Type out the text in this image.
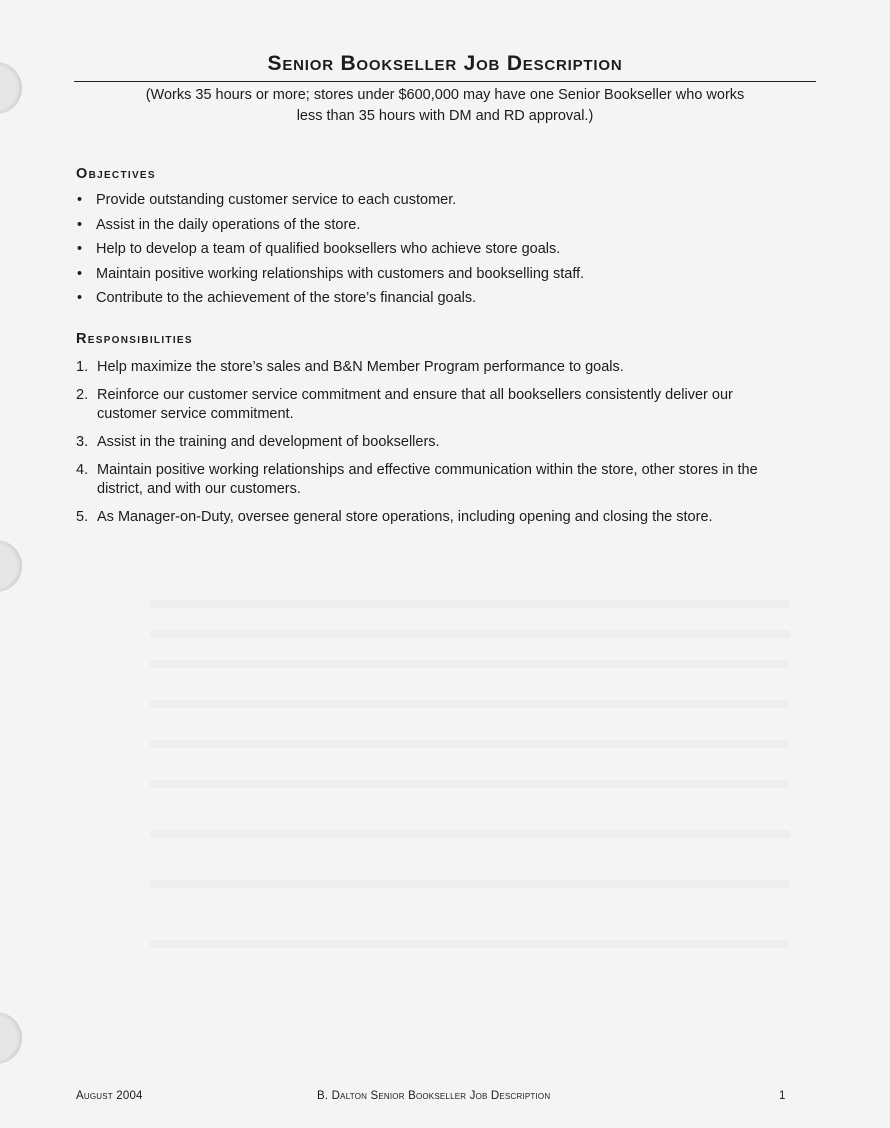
Senior Bookseller Job Description
(Works 35 hours or more; stores under $600,000 may have one Senior Bookseller who works
less than 35 hours with DM and RD approval.)
Objectives
• Provide outstanding customer service to each customer.
• Assist in the daily operations of the store.
• Help to develop a team of qualified booksellers who achieve store goals.
• Maintain positive working relationships with customers and bookselling staff.
• Contribute to the achievement of the store’s financial goals.
Responsibilities
1. Help maximize the store’s sales and B&N Member Program performance to goals.
2. Reinforce our customer service commitment and ensure that all booksellers consistently deliver our customer service commitment.
3. Assist in the training and development of booksellers.
4. Maintain positive working relationships and effective communication within the store, other stores in the district, and with our customers.
5. As Manager-on-Duty, oversee general store operations, including opening and closing the store.
August 2004	B. Dalton Senior Bookseller Job Description	1
